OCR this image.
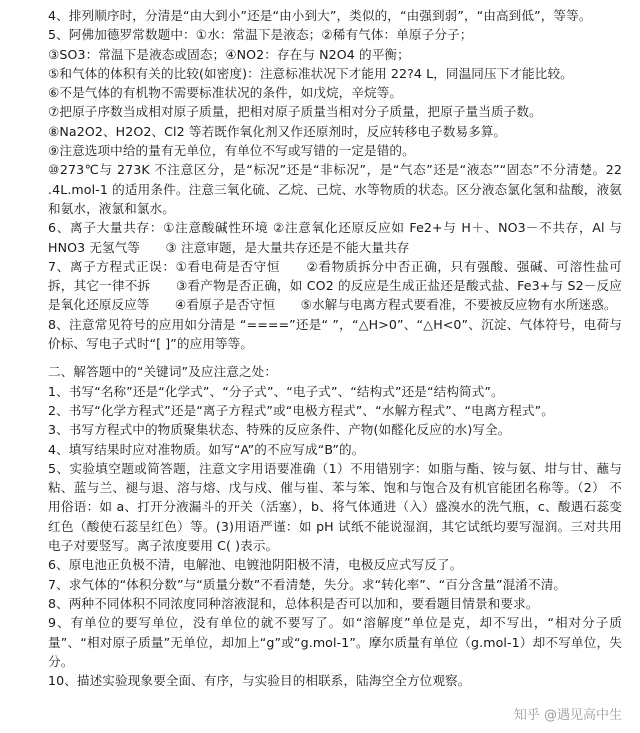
4、排列顺序时，分清是“由大到小”还是“由小到大”，类似的，“由强到弱”，“由高到低”，等等。

5、阿佛加德罗常数题中：①水：常温下是液态；②稀有气体：单原子分子；

③SO3：常温下是液态或固态；④NO2：存在与 N2O4 的平衡；

⑤和气体的体积有关的比较(如密度)：注意标准状况下才能用 22?4 L，同温同压下才能比较。

⑥不是气体的有机物不需要标准状况的条件，如戊烷，辛烷等。

⑦把原子序数当成相对原子质量，把相对原子质量当相对分子质量，把原子量当质子数。

⑧Na2O2、H2O2、Cl2 等若既作氧化剂又作还原剂时，反应转移电子数易多算。

⑨注意选项中给的量有无单位，有单位不写或写错的一定是错的。

⑩273℃与 273K 不注意区分，是“标况”还是“非标况”，是“气态”还是“液态”“固态”不分清楚。22 .4L.mol-1 的适用条件。注意三氧化硫、乙烷、己烷、水等物质的状态。区分液态氯化氢和盐酸，液氨和氨水，液氯和氯水。

6、离子大量共存：①注意酸碱性环境 ②注意氧化还原反应如 Fe2+与 H＋、NO3－不共存，Al 与 HNO3 无氢气等　　③ 注意审题，是大量共存还是不能大量共存

7、离子方程式正误：①看电荷是否守恒　　②看物质拆分中否正确，只有强酸、强碱、可溶性盐可拆，其它一律不拆　　③看产物是否正确，如 CO2 的反应是生成正盐还是酸式盐、Fe3+与 S2－反应是氧化还原反应等　　④看原子是否守恒　　⑤水解与电离方程式要看准，不要被反应物有水所迷惑。

8、注意常见符号的应用如分清是 “====”还是“ ”，“△H>0”、“△H<0”、沉淀、气体符号，电荷与价标、写电子式时“[ ]”的应用等等。

二、解答题中的“关键词”及应注意之处：

1、书写“名称”还是“化学式”、“分子式”、“电子式”、“结构式”还是“结构简式”。

2、书写“化学方程式”还是“离子方程式”或“电极方程式”、“水解方程式”、“电离方程式”。

3、书写方程式中的物质聚集状态、特殊的反应条件、产物(如醛化反应的水)写全。

4、填写结果时应对准物质。如写“A”的不应写成“B”的。

5、实验填空题或简答题，注意文字用语要准确（1）不用错别字：如脂与酯、铵与氨、坩与甘、蘸与粘、蓝与兰、褪与退、溶与熔、戊与戍、催与崔、苯与笨、饱和与饱合及有机官能团名称等。（2） 不用俗语：如 a、打开分液漏斗的开关（活塞），b、将气体通进（入）盛溴水的洗气瓶，c、酸遇石蕊变红色（酸使石蕊呈红色）等。(3)用语严谨：如 pH 试纸不能说湿润，其它试纸均要写湿润。三对共用电子对要竖写。离子浓度要用 C( )表示。

6、原电池正负极不清，电解池、电镀池阴阳极不清，电极反应式写反了。

7、求气体的“体积分数”与“质量分数”不看清楚，失分。求“转化率”、“百分含量”混淆不清。

8、两种不同体积不同浓度同种溶液混和，总体积是否可以加和，要看题目情景和要求。

9、有单位的要写单位，没有单位的就不要写了。如“溶解度”单位是克，却不写出，“相对分子质量”、“相对原子质量”无单位，却加上“g”或“g.mol-1”。摩尔质量有单位（g.mol-1）却不写单位，失分。

10、描述实验现象要全面、有序，与实验目的相联系，陆海空全方位观察。

知乎 @遇见高中生
